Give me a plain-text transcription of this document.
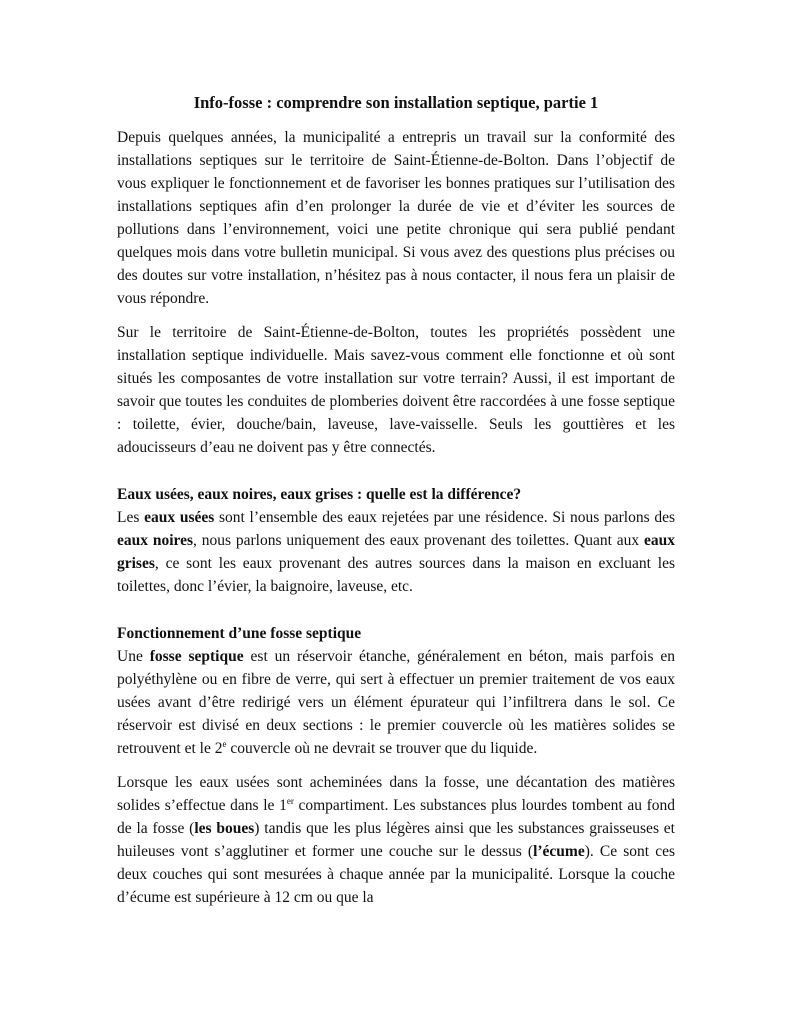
Info-fosse : comprendre son installation septique, partie 1

Depuis quelques années, la municipalité a entrepris un travail sur la conformité des installations septiques sur le territoire de Saint-Étienne-de-Bolton. Dans l’objectif de vous expliquer le fonctionnement et de favoriser les bonnes pratiques sur l’utilisation des installations septiques afin d’en prolonger la durée de vie et d’éviter les sources de pollutions dans l’environnement, voici une petite chronique qui sera publié pendant quelques mois dans votre bulletin municipal. Si vous avez des questions plus précises ou des doutes sur votre installation, n’hésitez pas à nous contacter, il nous fera un plaisir de vous répondre.

Sur le territoire de Saint-Étienne-de-Bolton, toutes les propriétés possèdent une installation septique individuelle. Mais savez-vous comment elle fonctionne et où sont situés les composantes de votre installation sur votre terrain? Aussi, il est important de savoir que toutes les conduites de plomberies doivent être raccordées à une fosse septique : toilette, évier, douche/bain, laveuse, lave-vaisselle. Seuls les gouttières et les adoucisseurs d’eau ne doivent pas y être connectés.

Eaux usées, eaux noires, eaux grises : quelle est la différence?

Les eaux usées sont l’ensemble des eaux rejetées par une résidence. Si nous parlons des eaux noires, nous parlons uniquement des eaux provenant des toilettes. Quant aux eaux grises, ce sont les eaux provenant des autres sources dans la maison en excluant les toilettes, donc l’évier, la baignoire, laveuse, etc.

Fonctionnement d’une fosse septique

Une fosse septique est un réservoir étanche, généralement en béton, mais parfois en polyéthylène ou en fibre de verre, qui sert à effectuer un premier traitement de vos eaux usées avant d’être redirigé vers un élément épurateur qui l’infiltrera dans le sol. Ce réservoir est divisé en deux sections : le premier couvercle où les matières solides se retrouvent et le 2e couvercle où ne devrait se trouver que du liquide.

Lorsque les eaux usées sont acheminées dans la fosse, une décantation des matières solides s’effectue dans le 1er compartiment. Les substances plus lourdes tombent au fond de la fosse (les boues) tandis que les plus légères ainsi que les substances graisseuses et huileuses vont s’agglutiner et former une couche sur le dessus (l’écume). Ce sont ces deux couches qui sont mesurées à chaque année par la municipalité. Lorsque la couche d’écume est supérieure à 12 cm ou que la
